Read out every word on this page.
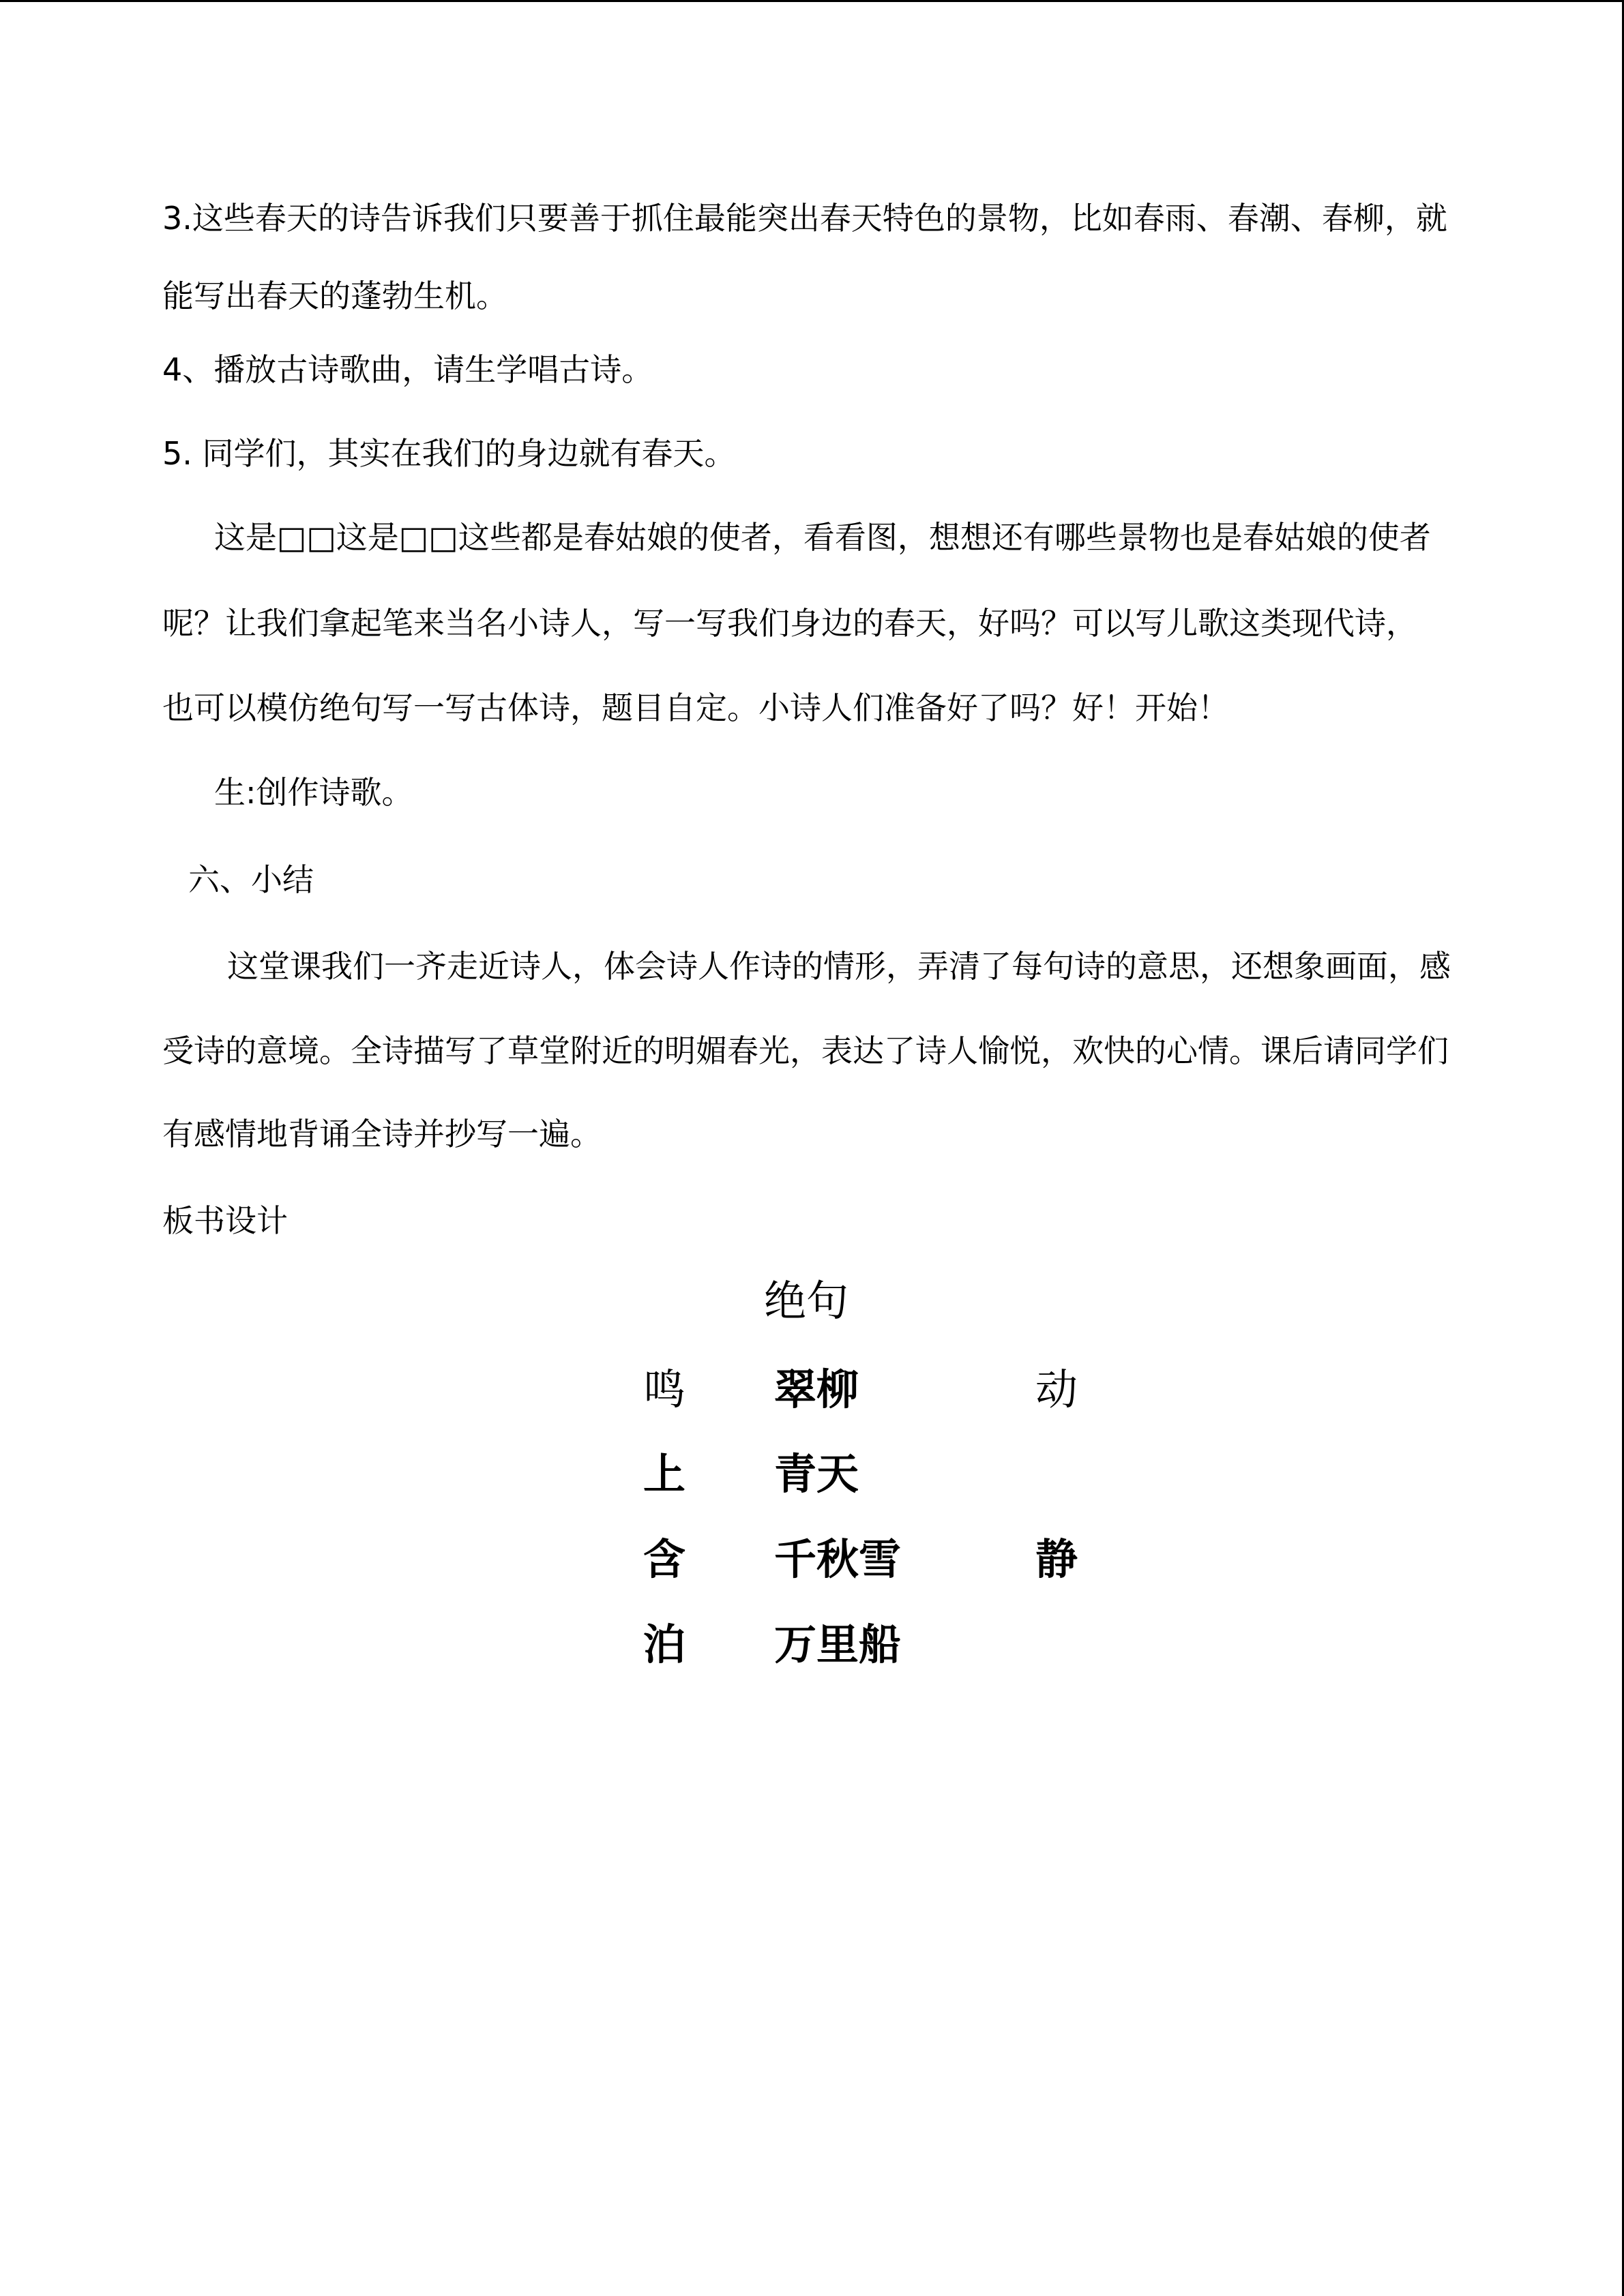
3.这些春天的诗告诉我们只要善于抓住最能突出春天特色的景物，比如春雨、春潮、春柳，就
能写出春天的蓬勃生机。
4、播放古诗歌曲，请生学唱古诗。
5. 同学们，其实在我们的身边就有春天。
这是□□这是□□这些都是春姑娘的使者，看看图，想想还有哪些景物也是春姑娘的使者
呢？让我们拿起笔来当名小诗人，写一写我们身边的春天，好吗？可以写儿歌这类现代诗，
也可以模仿绝句写一写古体诗，题目自定。小诗人们准备好了吗？好！开始！
生:创作诗歌。
六、小结
这堂课我们一齐走近诗人，体会诗人作诗的情形，弄清了每句诗的意思，还想象画面，感
受诗的意境。全诗描写了草堂附近的明媚春光，表达了诗人愉悦，欢快的心情。课后请同学们
有感情地背诵全诗并抄写一遍。
板书设计
绝句
鸣 翠柳	动
上 青天
含 千秋雪	静
泊 万里船
